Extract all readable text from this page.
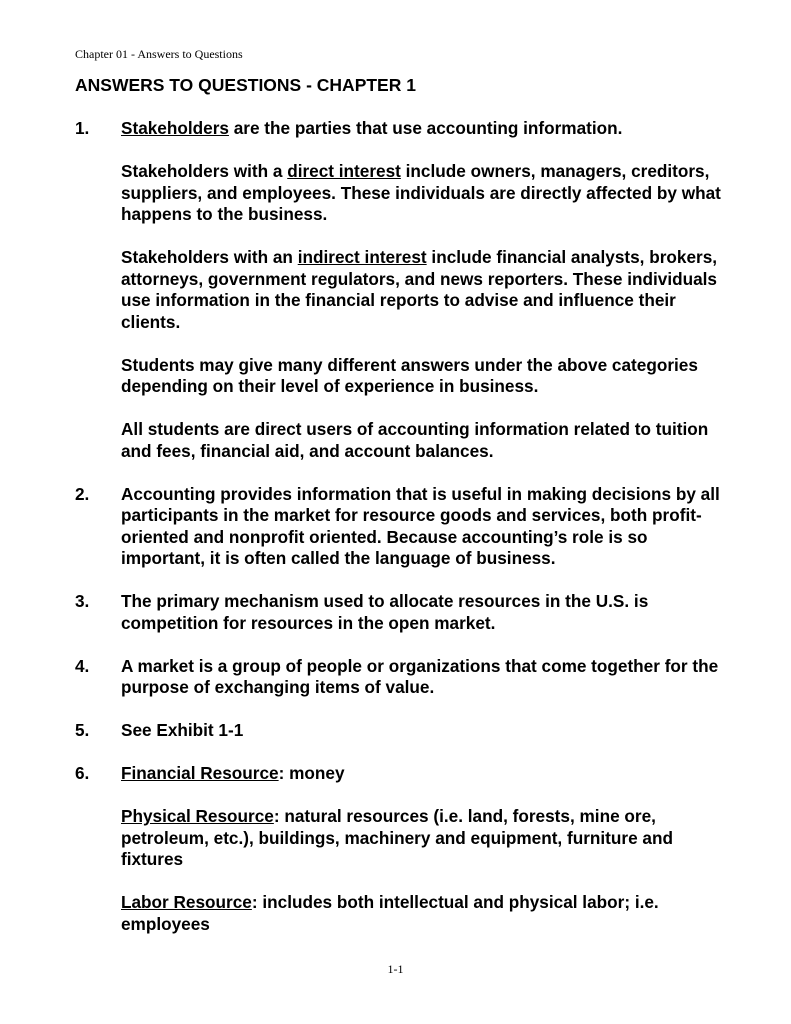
Chapter 01 - Answers to Questions
ANSWERS TO QUESTIONS - CHAPTER 1
1.	Stakeholders are the parties that use accounting information.

Stakeholders with a direct interest include owners, managers, creditors, suppliers, and employees. These individuals are directly affected by what happens to the business.

Stakeholders with an indirect interest include financial analysts, brokers, attorneys, government regulators, and news reporters. These individuals use information in the financial reports to advise and influence their clients.

Students may give many different answers under the above categories depending on their level of experience in business.

All students are direct users of accounting information related to tuition and fees, financial aid, and account balances.

2.	Accounting provides information that is useful in making decisions by all participants in the market for resource goods and services, both profit-oriented and nonprofit oriented. Because accounting’s role is so important, it is often called the language of business.

3.	The primary mechanism used to allocate resources in the U.S. is competition for resources in the open market.

4.	A market is a group of people or organizations that come together for the purpose of exchanging items of value.

5.	See Exhibit 1-1

6.	Financial Resource: money

Physical Resource: natural resources (i.e. land, forests, mine ore, petroleum, etc.), buildings, machinery and equipment, furniture and fixtures

Labor Resource: includes both intellectual and physical labor; i.e. employees

1-1
